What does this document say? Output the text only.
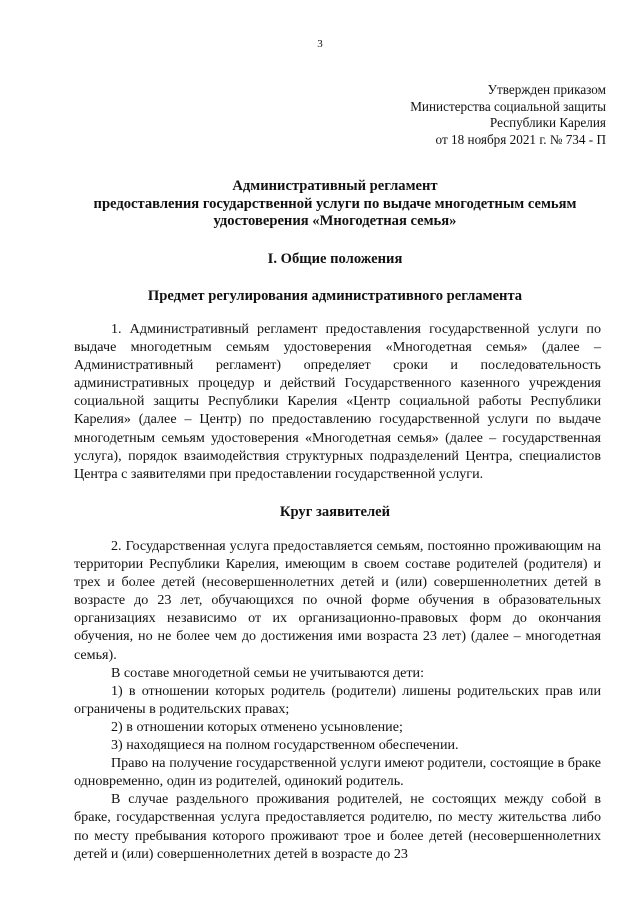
3
Утвержден приказом
Министерства социальной защиты
Республики Карелия
от 18 ноября 2021 г. № 734 - П
Административный регламент
предоставления государственной услуги по выдаче многодетным семьям
удостоверения «Многодетная семья»
I. Общие положения
Предмет регулирования административного регламента

1. Административный регламент предоставления государственной услуги по выдаче многодетным семьям удостоверения «Многодетная семья» (далее – Административный регламент) определяет сроки и последовательность административных процедур и действий Государственного казенного учреждения социальной защиты Республики Карелия «Центр социальной работы Республики Карелия» (далее – Центр) по предоставлению государственной услуги по выдаче многодетным семьям удостоверения «Многодетная семья» (далее – государственная услуга), порядок взаимодействия структурных подразделений Центра, специалистов Центра с заявителями при предоставлении государственной услуги.

Круг заявителей

2. Государственная услуга предоставляется семьям, постоянно проживающим на территории Республики Карелия, имеющим в своем составе родителей (родителя) и трех и более детей (несовершеннолетних детей и (или) совершеннолетних детей в возрасте до 23 лет, обучающихся по очной форме обучения в образовательных организациях независимо от их организационно-правовых форм до окончания обучения, но не более чем до достижения ими возраста 23 лет) (далее – многодетная семья).

В составе многодетной семьи не учитываются дети:

1) в отношении которых родитель (родители) лишены родительских прав или ограничены в родительских правах;

2) в отношении которых отменено усыновление;

3) находящиеся на полном государственном обеспечении.

Право на получение государственной услуги имеют родители, состоящие в браке одновременно, один из родителей, одинокий родитель.

В случае раздельного проживания родителей, не состоящих между собой в браке, государственная услуга предоставляется родителю, по месту жительства либо по месту пребывания которого проживают трое и более детей (несовершеннолетних детей и (или) совершеннолетних детей в возрасте до 23
